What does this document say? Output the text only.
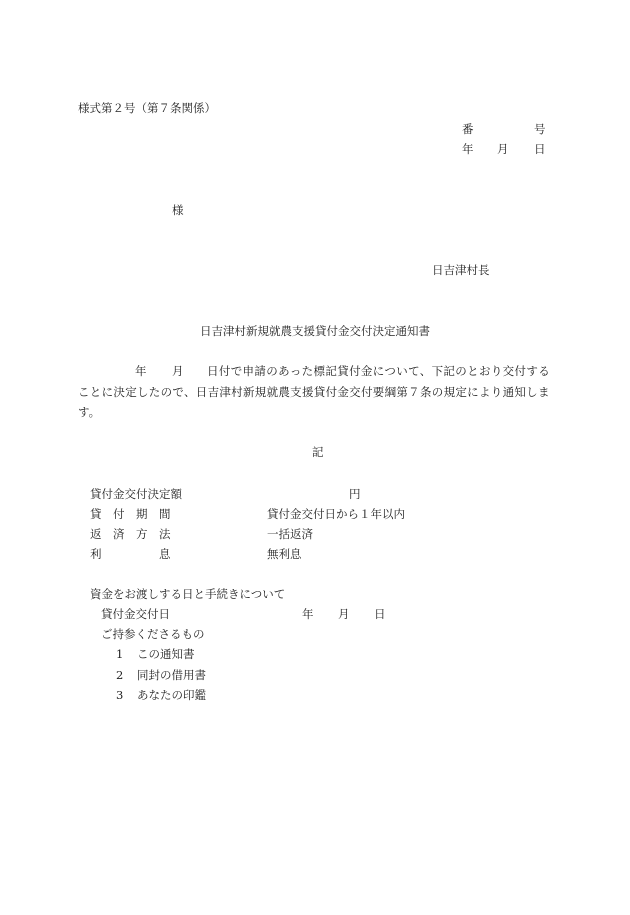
様式第２号（第７条関係）
番	号
年 月 日
様
日吉津村長
日吉津村新規就農支援貸付金交付決定通知書
年 月 日付で申請のあった標記貸付金について、下記のとおり交付する
ことに決定したので、日吉津村新規就農支援貸付金交付要綱第７条の規定により通知しま
す。
記
貸付金交付決定額	円
貸　付　期　間	貸付金交付日から１年以内
返　済　方　法	一括返済
利　　　　　息	無利息
資金をお渡しする日と手続きについて
貸付金交付日	年 月 日
ご持参くださるもの
1 この通知書
2 同封の借用書
3 あなたの印鑑
